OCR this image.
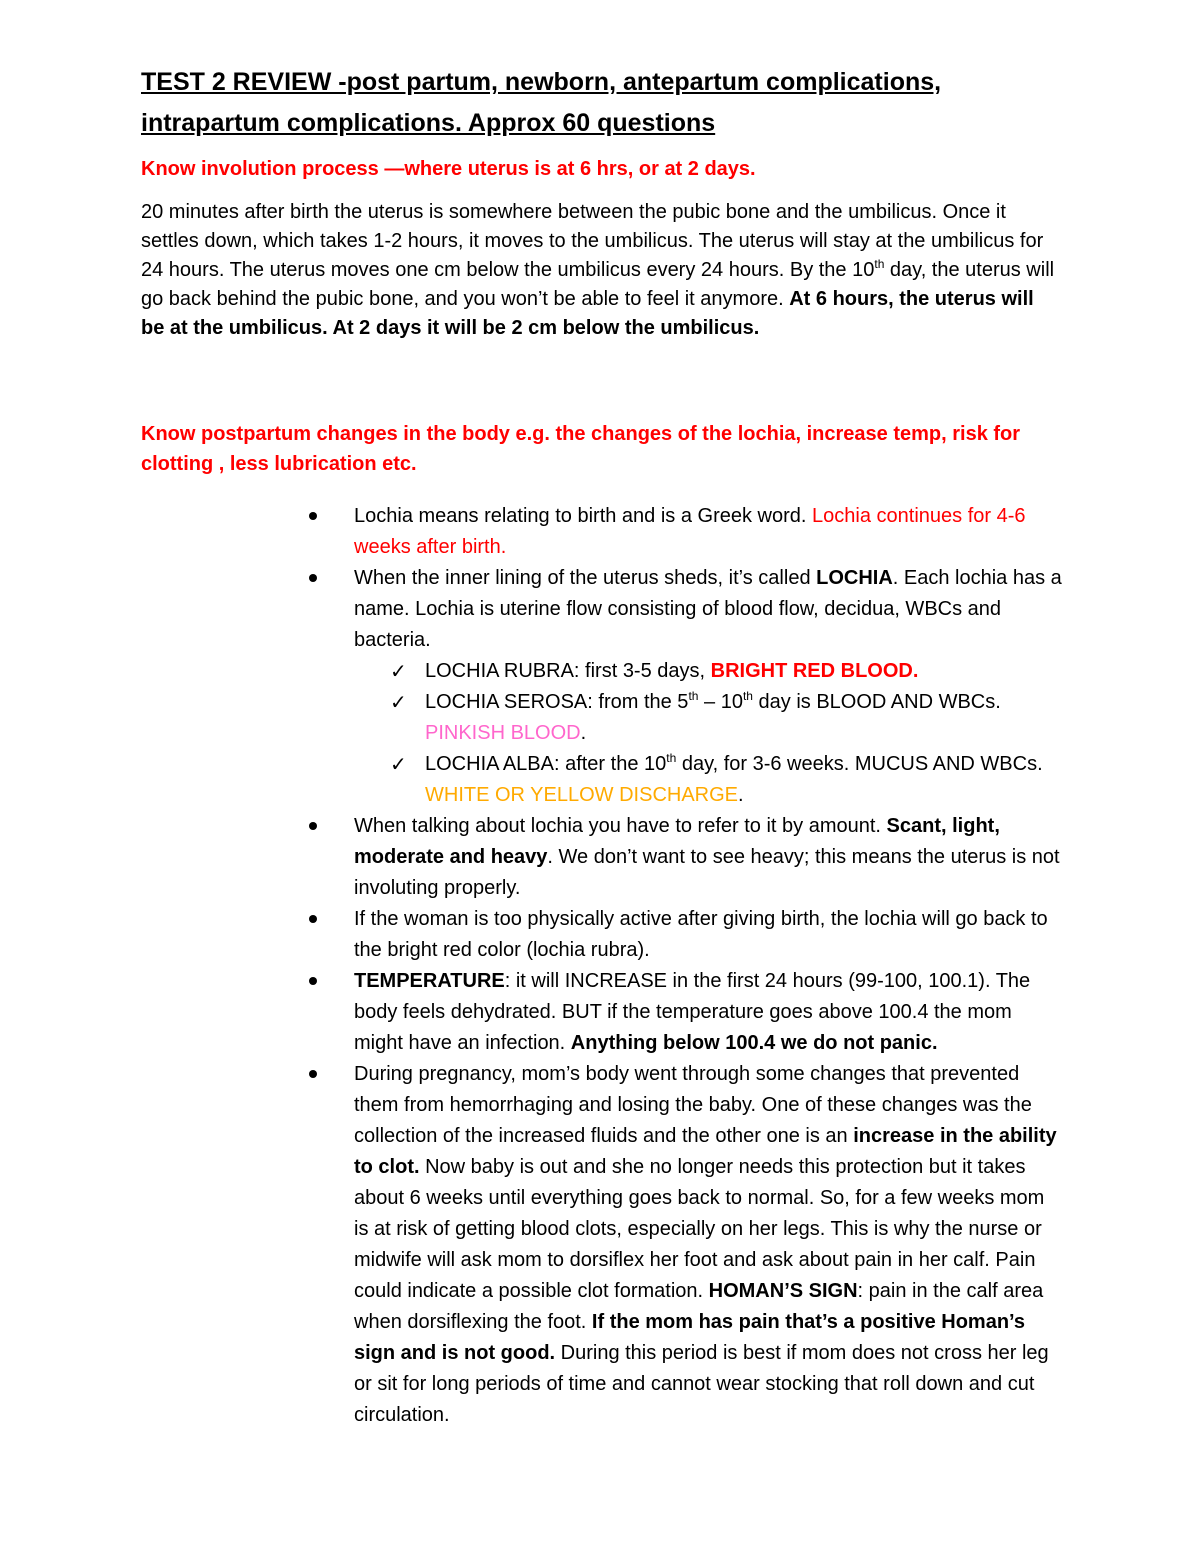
TEST 2 REVIEW -post partum, newborn, antepartum complications,
intrapartum complications. Approx 60 questions

Know involution process —where uterus is at 6 hrs, or at 2 days.

20 minutes after birth the uterus is somewhere between the pubic bone and the umbilicus. Once it settles down, which takes 1-2 hours, it moves to the umbilicus. The uterus will stay at the umbilicus for 24 hours. The uterus moves one cm below the umbilicus every 24 hours. By the 10th day, the uterus will go back behind the pubic bone, and you won’t be able to feel it anymore. At 6 hours, the uterus will be at the umbilicus. At 2 days it will be 2 cm below the umbilicus.

Know postpartum changes in the body e.g. the changes of the lochia, increase temp, risk for clotting , less lubrication etc.

Lochia means relating to birth and is a Greek word. Lochia continues for 4-6 weeks after birth.
When the inner lining of the uterus sheds, it’s called LOCHIA. Each lochia has a name. Lochia is uterine flow consisting of blood flow, decidua, WBCs and bacteria.
✓ LOCHIA RUBRA: first 3-5 days, BRIGHT RED BLOOD.
✓ LOCHIA SEROSA: from the 5th – 10th day is BLOOD AND WBCs. PINKISH BLOOD.
✓ LOCHIA ALBA: after the 10th day, for 3-6 weeks. MUCUS AND WBCs. WHITE OR YELLOW DISCHARGE.
When talking about lochia you have to refer to it by amount. Scant, light, moderate and heavy. We don’t want to see heavy; this means the uterus is not involuting properly.
If the woman is too physically active after giving birth, the lochia will go back to the bright red color (lochia rubra).
TEMPERATURE: it will INCREASE in the first 24 hours (99-100, 100.1). The body feels dehydrated. BUT if the temperature goes above 100.4 the mom might have an infection. Anything below 100.4 we do not panic.
During pregnancy, mom’s body went through some changes that prevented them from hemorrhaging and losing the baby. One of these changes was the collection of the increased fluids and the other one is an increase in the ability to clot. Now baby is out and she no longer needs this protection but it takes about 6 weeks until everything goes back to normal. So, for a few weeks mom is at risk of getting blood clots, especially on her legs. This is why the nurse or midwife will ask mom to dorsiflex her foot and ask about pain in her calf. Pain could indicate a possible clot formation. HOMAN’S SIGN: pain in the calf area when dorsiflexing the foot. If the mom has pain that’s a positive Homan’s sign and is not good. During this period is best if mom does not cross her leg or sit for long periods of time and cannot wear stocking that roll down and cut circulation.
